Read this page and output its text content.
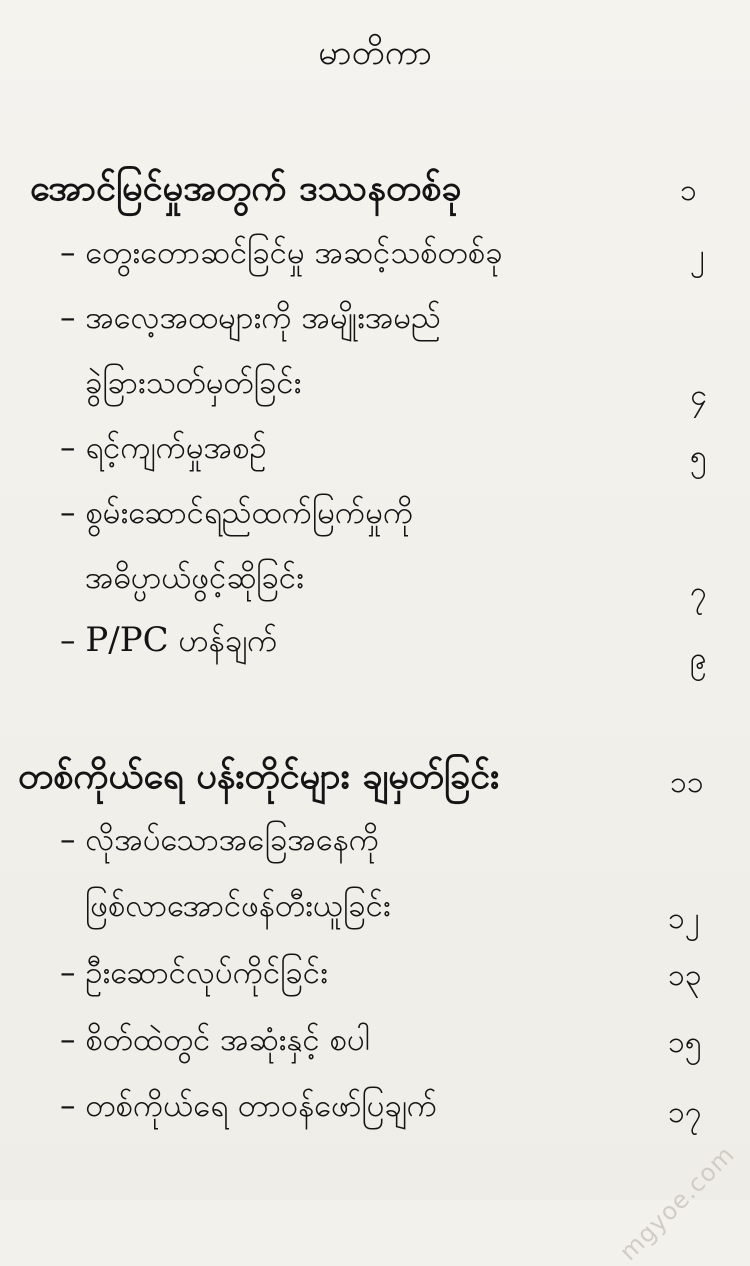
မာတိကာ
အောင်မြင်မှုအတွက် ဒဿနတစ်ခု	၁
– တွေးတောဆင်ခြင်မှု အဆင့်သစ်တစ်ခု	၂
– အလေ့အထများကို အမျိုးအမည်
ခွဲခြားသတ်မှတ်ခြင်း	၄
– ရင့်ကျက်မှုအစဉ်	၅
– စွမ်းဆောင်ရည်ထက်မြက်မှုကို
အဓိပ္ပာယ်ဖွင့်ဆိုခြင်း	၇
– P/PC ဟန်ချက်	၉
တစ်ကိုယ်ရေ ပန်းတိုင်များ ချမှတ်ခြင်း	၁၁
– လိုအပ်သောအခြေအနေကို
ဖြစ်လာအောင်ဖန်တီးယူခြင်း	၁၂
– ဦးဆောင်လုပ်ကိုင်ခြင်း	၁၃
– စိတ်ထဲတွင် အဆုံးနှင့် စပါ	၁၅
– တစ်ကိုယ်ရေ တာဝန်ဖော်ပြချက်	၁၇
mgyoe.com
